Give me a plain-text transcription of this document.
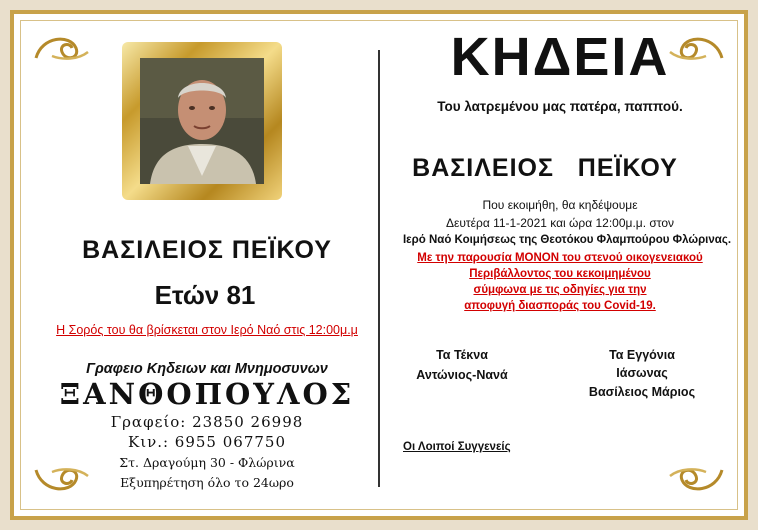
ΒΑΣΙΛΕΙΟΣ ΠΕΪΚΟΥ
Ετών 81
Η Σορός του θα βρίσκεται στον Ιερό Ναό στις 12:00μ.μ
Γραφειο Κηδειων και Μνημοσυνων
ΞΑΝΘΟΠΟΥΛΟΣ
Γραφείο: 23850 26998
Κιν.: 6955 067750
Στ. Δραγούμη 30 - Φλώρινα
Εξυπηρέτηση όλο το 24ωρο
ΚΗΔΕΙΑ
Του λατρεμένου μας πατέρα, παππού.
ΒΑΣΙΛΕΙΟΣ   ΠΕΪΚΟΥ
Που εκοιμήθη, θα κηδέψουμε
Δευτέρα 11-1-2021 και ώρα 12:00μ.μ. στον
Ιερό Ναό Κοιμήσεως της Θεοτόκου Φλαμπούρου Φλώρινας.
Με την παρουσία ΜΟΝΟΝ του στενού οικογενειακού
Περιβάλλοντος του κεκοιμημένου
σύμφωνα με τις οδηγίες για την
αποφυγή διασποράς του Covid-19.
Τα Τέκνα
Αντώνιος-Νανά
Τα Εγγόνια
Ιάσωνας
Βασίλειος Μάριος
Οι Λοιποί Συγγενείς
